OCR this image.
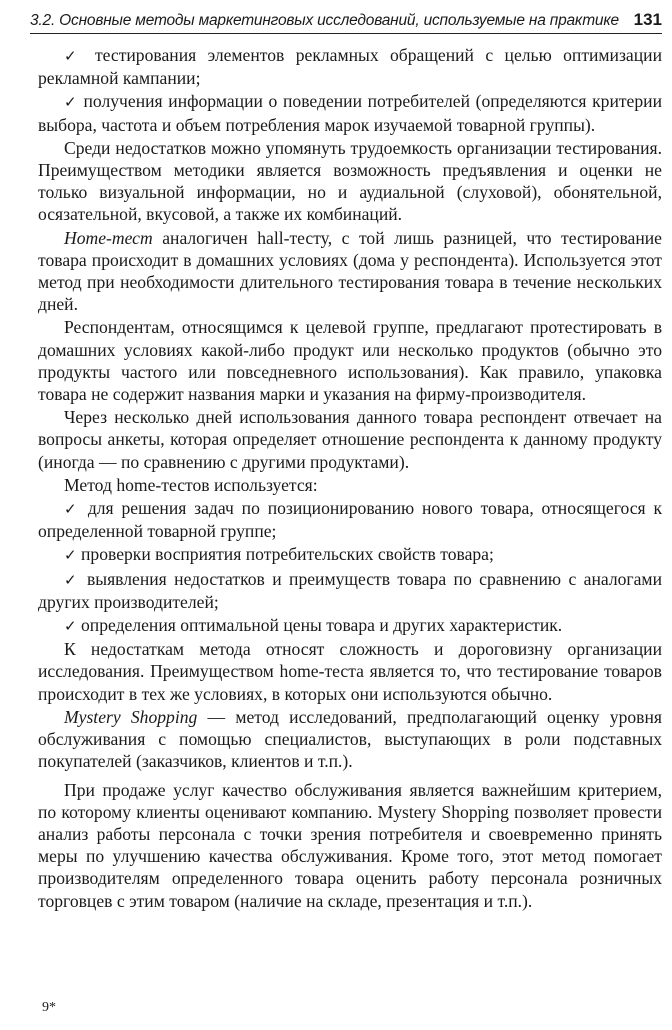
3.2. Основные методы маркетинговых исследований, используемые на практике 131

✓ тестирования элементов рекламных обращений с целью оптимизации рекламной кампании;

✓ получения информации о поведении потребителей (определяются критерии выбора, частота и объем потребления марок изучаемой товарной группы).

Среди недостатков можно упомянуть трудоемкость организации тестирования. Преимуществом методики является возможность предъявления и оценки не только визуальной информации, но и аудиальной (слуховой), обонятельной, осязательной, вкусовой, а также их комбинаций.

Home-тест аналогичен hall-тесту, с той лишь разницей, что тестирование товара происходит в домашних условиях (дома у респондента). Используется этот метод при необходимости длительного тестирования товара в течение нескольких дней.

Респондентам, относящимся к целевой группе, предлагают протестировать в домашних условиях какой-либо продукт или несколько продуктов (обычно это продукты частого или повседневного использования). Как правило, упаковка товара не содержит названия марки и указания на фирму-производителя.

Через несколько дней использования данного товара респондент отвечает на вопросы анкеты, которая определяет отношение респондента к данному продукту (иногда — по сравнению с другими продуктами).

Метод home-тестов используется:

✓ для решения задач по позиционированию нового товара, относящегося к определенной товарной группе;

✓ проверки восприятия потребительских свойств товара;

✓ выявления недостатков и преимуществ товара по сравнению с аналогами других производителей;

✓ определения оптимальной цены товара и других характеристик.

К недостаткам метода относят сложность и дороговизну организации исследования. Преимуществом home-теста является то, что тестирование товаров происходит в тех же условиях, в которых они используются обычно.

Mystery Shopping — метод исследований, предполагающий оценку уровня обслуживания с помощью специалистов, выступающих в роли подставных покупателей (заказчиков, клиентов и т.п.).

При продаже услуг качество обслуживания является важнейшим критерием, по которому клиенты оценивают компанию. Mystery Shopping позволяет провести анализ работы персонала с точки зрения потребителя и своевременно принять меры по улучшению качества обслуживания. Кроме того, этот метод помогает производителям определенного товара оценить работу персонала розничных торговцев с этим товаром (наличие на складе, презентация и т.п.).

9*
